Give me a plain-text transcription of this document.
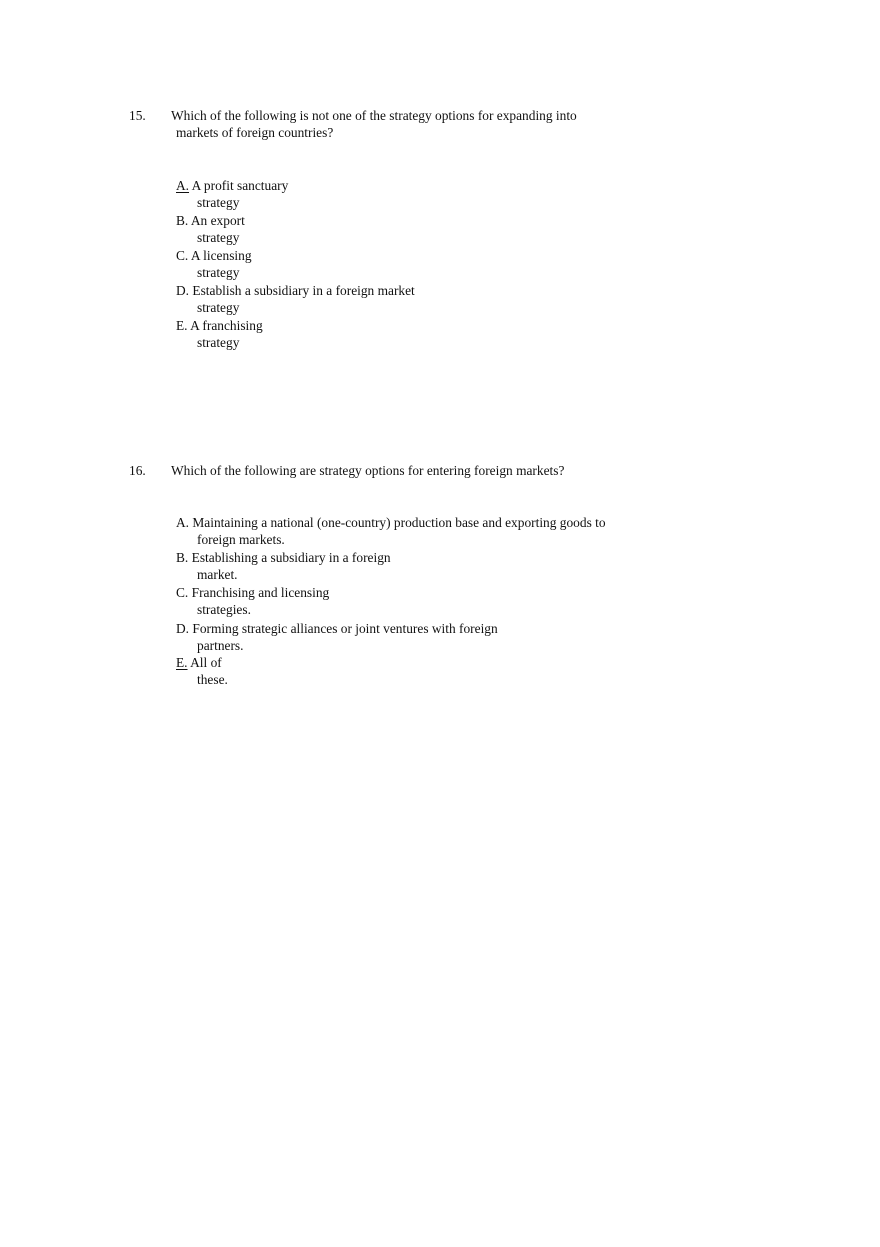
15. Which of the following is not one of the strategy options for expanding into
markets of foreign countries?
A. A profit sanctuary
strategy
B. An export
strategy
C. A licensing
strategy
D. Establish a subsidiary in a foreign market
strategy
E. A franchising
strategy
16. Which of the following are strategy options for entering foreign markets?
A. Maintaining a national (one-country) production base and exporting goods to
foreign markets.
B. Establishing a subsidiary in a foreign
market.
C. Franchising and licensing
strategies.
D. Forming strategic alliances or joint ventures with foreign
partners.
E. All of
these.
